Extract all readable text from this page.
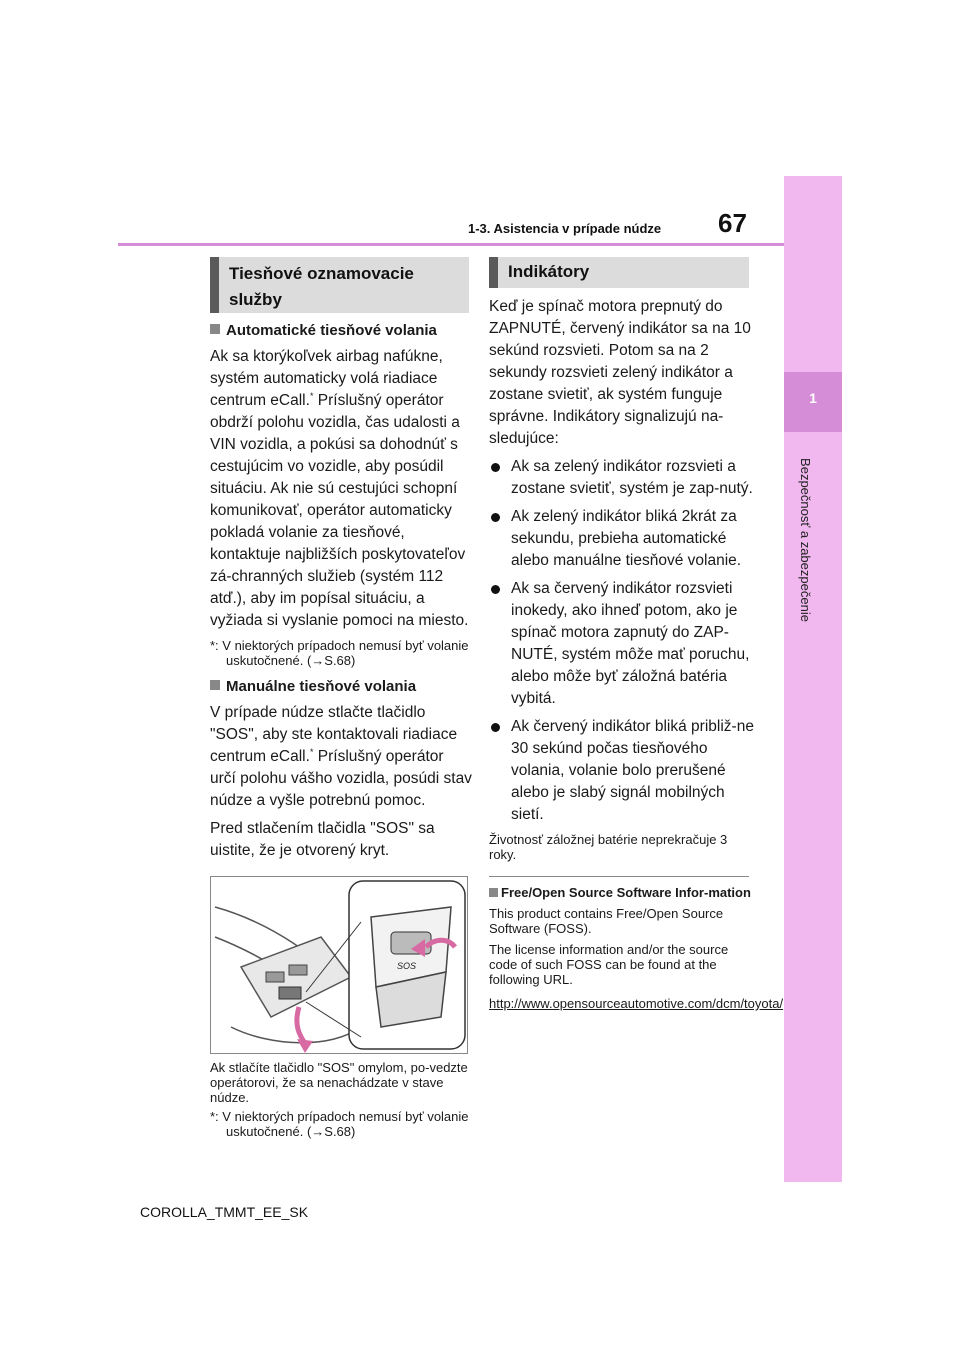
67
1-3. Asistencia v prípade núdze
1
Bezpečnosť a zabezpečenie
Tiesňové oznamovacie služby
Indikátory
Automatické tiesňové volania
Ak sa ktorýkoľvek airbag nafúkne, systém automaticky volá riadiace centrum eCall.* Príslušný operátor obdrží polohu vozidla, čas udalosti a VIN vozidla, a pokúsi sa dohodnúť s cestujúcim vo vozidle, aby posúdil situáciu. Ak nie sú cestujúci schopní komunikovať, operátor automaticky pokladá volanie za tiesňové, kontaktuje najbližších poskytovateľov zá-chranných služieb (systém 112 atď.), aby im popísal situáciu, a vyžiada si vyslanie pomoci na miesto.
*: V niektorých prípadoch nemusí byť volanie uskutočnené. (→S.68)
Manuálne tiesňové volania
V prípade núdze stlačte tlačidlo "SOS", aby ste kontaktovali riadiace centrum eCall.* Príslušný operátor určí polohu vášho vozidla, posúdi stav núdze a vyšle potrebnú pomoc.
Pred stlačením tlačidla "SOS" sa uistite, že je otvorený kryt.
SOS
Ak stlačíte tlačidlo "SOS" omylom, po-vedzte operátorovi, že sa nenachádzate v stave núdze.
*: V niektorých prípadoch nemusí byť volanie uskutočnené. (→S.68)
Keď je spínač motora prepnutý do ZAPNUTÉ, červený indikátor sa na 10 sekúnd rozsvieti. Potom sa na 2 sekundy rozsvieti zelený indikátor a zostane svietiť, ak systém funguje správne. Indikátory signalizujú na-sledujúce:
Ak sa zelený indikátor rozsvieti a zostane svietiť, systém je zap-nutý.
Ak zelený indikátor bliká 2krát za sekundu, prebieha automatické alebo manuálne tiesňové volanie.
Ak sa červený indikátor rozsvieti inokedy, ako ihneď potom, ako je spínač motora zapnutý do ZAP-NUTÉ, systém môže mať poruchu, alebo môže byť záložná batéria vybitá.
Ak červený indikátor bliká približ-ne 30 sekúnd počas tiesňového volania, volanie bolo prerušené alebo je slabý signál mobilných sietí.
Životnosť záložnej batérie neprekračuje 3 roky.
Free/Open Source Software Infor-mation
This product contains Free/Open Source Software (FOSS).
The license information and/or the source code of such FOSS can be found at the following URL.
http://www.opensourceautomotive.com/dcm/toyota/
COROLLA_TMMT_EE_SK
